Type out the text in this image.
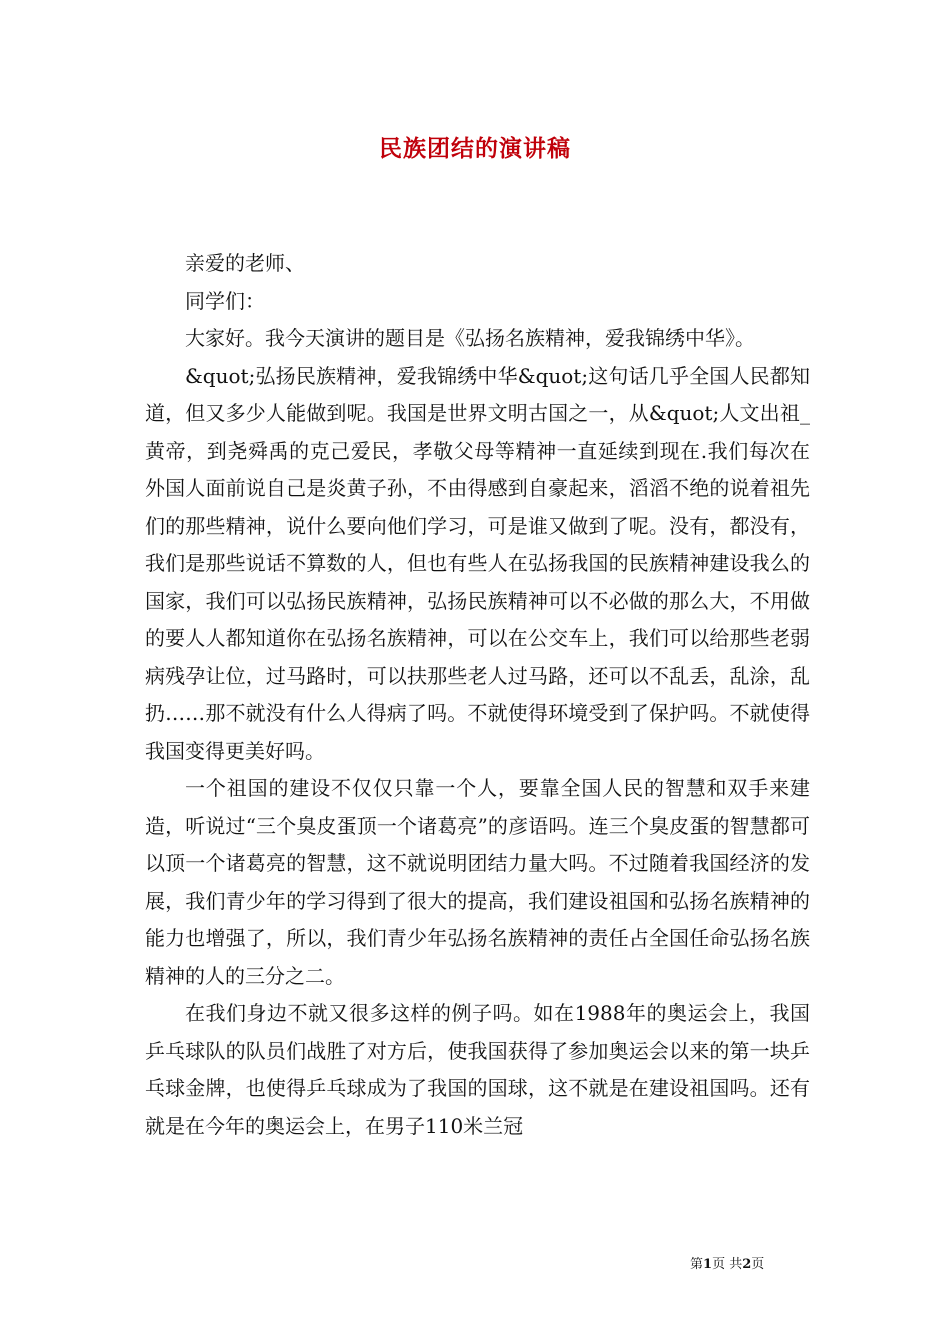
民族团结的演讲稿

亲爱的老师、

同学们：

大家好。我今天演讲的题目是《弘扬名族精神，爱我锦绣中华》。

&quot;弘扬民族精神，爱我锦绣中华&quot;这句话几乎全国人民都知道，但又多少人能做到呢。我国是世界文明古国之一，从&quot;人文出祖_黄帝，到尧舜禹的克己爱民，孝敬父母等精神一直延续到现在.我们每次在外国人面前说自己是炎黄子孙，不由得感到自豪起来，滔滔不绝的说着祖先们的那些精神，说什么要向他们学习，可是谁又做到了呢。没有，都没有，我们是那些说话不算数的人，但也有些人在弘扬我国的民族精神建设我么的国家，我们可以弘扬民族精神，弘扬民族精神可以不必做的那么大，不用做的要人人都知道你在弘扬名族精神，可以在公交车上，我们可以给那些老弱病残孕让位，过马路时，可以扶那些老人过马路，还可以不乱丢，乱涂，乱扔……那不就没有什么人得病了吗。不就使得环境受到了保护吗。不就使得我国变得更美好吗。

一个祖国的建设不仅仅只靠一个人，要靠全国人民的智慧和双手来建造，听说过“三个臭皮蛋顶一个诸葛亮”的彦语吗。连三个臭皮蛋的智慧都可以顶一个诸葛亮的智慧，这不就说明团结力量大吗。不过随着我国经济的发展，我们青少年的学习得到了很大的提高，我们建设祖国和弘扬名族精神的能力也增强了，所以，我们青少年弘扬名族精神的责任占全国任命弘扬名族精神的人的三分之二。

在我们身边不就又很多这样的例子吗。如在1988年的奥运会上，我国乒乓球队的队员们战胜了对方后，使我国获得了参加奥运会以来的第一块乒乓球金牌，也使得乒乓球成为了我国的国球，这不就是在建设祖国吗。还有就是在今年的奥运会上，在男子110米兰冠

第1页 共2页
